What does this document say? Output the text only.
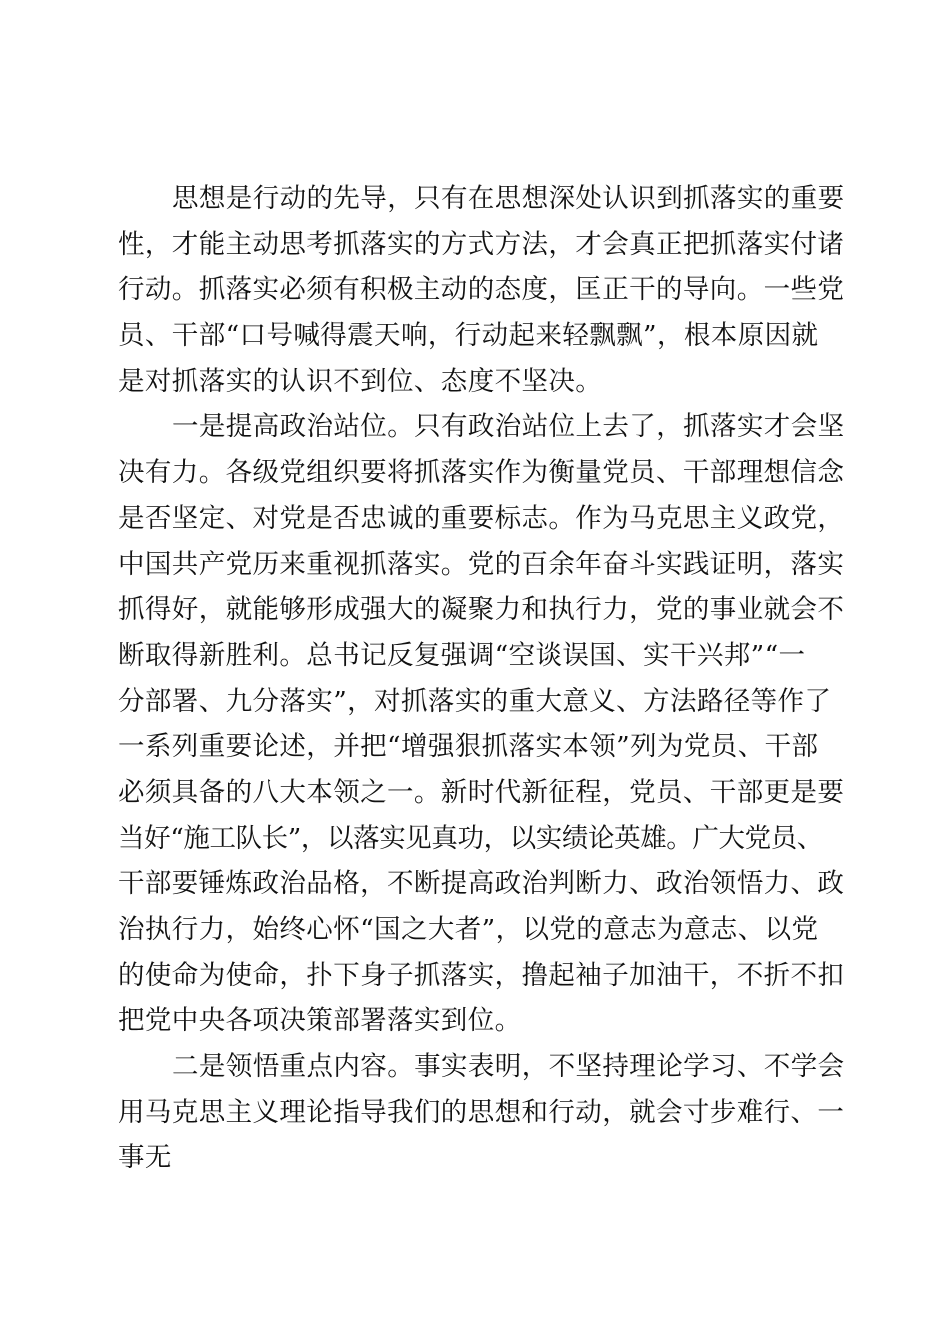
思想是行动的先导，只有在思想深处认识到抓落实的重要
性，才能主动思考抓落实的方式方法，才会真正把抓落实付诸
行动。抓落实必须有积极主动的态度，匡正干的导向。一些党
员、干部“口号喊得震天响，行动起来轻飘飘”，根本原因就
是对抓落实的认识不到位、态度不坚决。
一是提高政治站位。只有政治站位上去了，抓落实才会坚
决有力。各级党组织要将抓落实作为衡量党员、干部理想信念
是否坚定、对党是否忠诚的重要标志。作为马克思主义政党，
中国共产党历来重视抓落实。党的百余年奋斗实践证明，落实
抓得好，就能够形成强大的凝聚力和执行力，党的事业就会不
断取得新胜利。总书记反复强调“空谈误国、实干兴邦”“一
分部署、九分落实”，对抓落实的重大意义、方法路径等作了
一系列重要论述，并把“增强狠抓落实本领”列为党员、干部
必须具备的八大本领之一。新时代新征程，党员、干部更是要
当好“施工队长”，以落实见真功，以实绩论英雄。广大党员、
干部要锤炼政治品格，不断提高政治判断力、政治领悟力、政
治执行力，始终心怀“国之大者”，以党的意志为意志、以党
的使命为使命，扑下身子抓落实，撸起袖子加油干，不折不扣
把党中央各项决策部署落实到位。
二是领悟重点内容。事实表明，不坚持理论学习、不学会
用马克思主义理论指导我们的思想和行动，就会寸步难行、一
事无
